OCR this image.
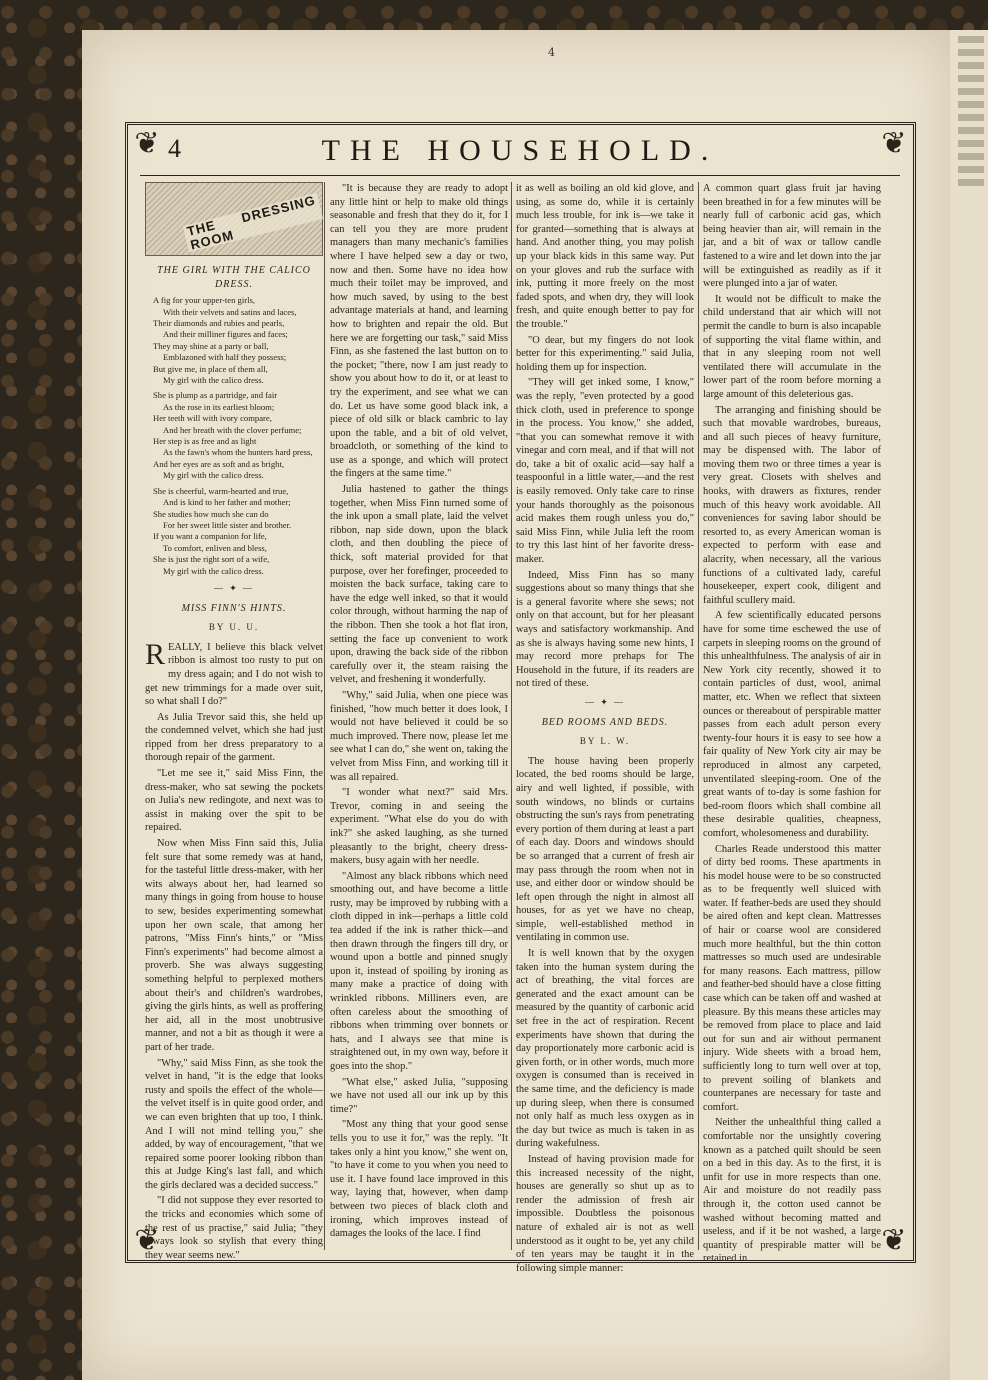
4
❦	❦
❦	❦
4	THE HOUSEHOLD.
THE DRESSING ROOM
THE GIRL WITH THE CALICO DRESS.
A fig for your upper-ten girls,
With their velvets and satins and laces,
Their diamonds and rubies and pearls,
And their milliner figures and faces;
They may shine at a party or ball,
Emblazoned with half they possess;
But give me, in place of them all,
My girl with the calico dress.
She is plump as a partridge, and fair
As the rose in its earliest bloom;
Her teeth will with ivory compare,
And her breath with the clover perfume;
Her step is as free and as light
As the fawn's whom the hunters hard press,
And her eyes are as soft and as bright,
My girl with the calico dress.
She is cheerful, warm-hearted and true,
And is kind to her father and mother;
She studies how much she can do
For her sweet little sister and brother.
If you want a companion for life,
To comfort, enliven and bless,
She is just the right sort of a wife,
My girl with the calico dress.
— ✦ —
MISS FINN'S HINTS.
BY U. U.

REALLY, I believe this black velvet ribbon is almost too rusty to put on my dress again; and I do not wish to get new trimmings for a made over suit, so what shall I do?"

As Julia Trevor said this, she held up the condemned velvet, which she had just ripped from her dress preparatory to a thorough repair of the garment.

"Let me see it," said Miss Finn, the dress-maker, who sat sewing the pockets on Julia's new redingote, and next was to assist in making over the spit to be repaired.

Now when Miss Finn said this, Julia felt sure that some remedy was at hand, for the tasteful little dress-maker, with her wits always about her, had learned so many things in going from house to house to sew, besides experimenting somewhat upon her own scale, that among her patrons, "Miss Finn's hints," or "Miss Finn's experiments" had become almost a proverb. She was always suggesting something helpful to perplexed mothers about their's and children's wardrobes, giving the girls hints, as well as proffering her aid, all in the most unobtrusive manner, and not a bit as though it were a part of her trade.

"Why," said Miss Finn, as she took the velvet in hand, "it is the edge that looks rusty and spoils the effect of the whole—the velvet itself is in quite good order, and we can even brighten that up too, I think. And I will not mind telling you," she added, by way of encouragement, "that we repaired some poorer looking ribbon than this at Judge King's last fall, and which the girls declared was a decided success."

"I did not suppose they ever resorted to the tricks and economies which some of the rest of us practise," said Julia; "they always look so stylish that every thing they wear seems new."

"It is because they are ready to adopt any little hint or help to make old things seasonable and fresh that they do it, for I can tell you they are more prudent managers than many mechanic's families where I have helped sew a day or two, now and then. Some have no idea how much their toilet may be improved, and how much saved, by using to the best advantage materials at hand, and learning how to brighten and repair the old. But here we are forgetting our task," said Miss Finn, as she fastened the last button on to the pocket; "there, now I am just ready to show you about how to do it, or at least to try the experiment, and see what we can do. Let us have some good black ink, a piece of old silk or black cambric to lay upon the table, and a bit of old velvet, broadcloth, or something of the kind to use as a sponge, and which will protect the fingers at the same time."

Julia hastened to gather the things together, when Miss Finn turned some of the ink upon a small plate, laid the velvet ribbon, nap side down, upon the black cloth, and then doubling the piece of thick, soft material provided for that purpose, over her forefinger, proceeded to moisten the back surface, taking care to have the edge well inked, so that it would color through, without harming the nap of the ribbon. Then she took a hot flat iron, setting the face up convenient to work upon, drawing the back side of the ribbon carefully over it, the steam raising the velvet, and freshening it wonderfully.

"Why," said Julia, when one piece was finished, "how much better it does look, I would not have believed it could be so much improved. There now, please let me see what I can do," she went on, taking the velvet from Miss Finn, and working till it was all repaired.

"I wonder what next?" said Mrs. Trevor, coming in and seeing the experiment. "What else do you do with ink?" she asked laughing, as she turned pleasantly to the bright, cheery dress-makers, busy again with her needle.

"Almost any black ribbons which need smoothing out, and have become a little rusty, may be improved by rubbing with a cloth dipped in ink—perhaps a little cold tea added if the ink is rather thick—and then drawn through the fingers till dry, or wound upon a bottle and pinned snugly upon it, instead of spoiling by ironing as many make a practice of doing with wrinkled ribbons. Milliners even, are often careless about the smoothing of ribbons when trimming over bonnets or hats, and I always see that mine is straightened out, in my own way, before it goes into the shop."

"What else," asked Julia, "supposing we have not used all our ink up by this time?"

"Most any thing that your good sense tells you to use it for," was the reply. "It takes only a hint you know," she went on, "to have it come to you when you need to use it. I have found lace improved in this way, laying that, however, when damp between two pieces of black cloth and ironing, which improves instead of damages the looks of the lace. I find

it as well as boiling an old kid glove, and using, as some do, while it is certainly much less trouble, for ink is—we take it for granted—something that is always at hand. And another thing, you may polish up your black kids in this same way. Put on your gloves and rub the surface with ink, putting it more freely on the most faded spots, and when dry, they will look fresh, and quite enough better to pay for the trouble."

"O dear, but my fingers do not look better for this experimenting." said Julia, holding them up for inspection.

"They will get inked some, I know," was the reply, "even protected by a good thick cloth, used in preference to sponge in the process. You know," she added, "that you can somewhat remove it with vinegar and corn meal, and if that will not do, take a bit of oxalic acid—say half a teaspoonful in a little water,—and the rest is easily removed. Only take care to rinse your hands thoroughly as the poisonous acid makes them rough unless you do," said Miss Finn, while Julia left the room to try this last hint of her favorite dress-maker.

Indeed, Miss Finn has so many suggestions about so many things that she is a general favorite where she sews; not only on that account, but for her pleasant ways and satisfactory workmanship. And as she is always having some new hints, I may record more prehaps for The Household in the future, if its readers are not tired of these.

— ✦ —
BED ROOMS AND BEDS.
BY L. W.

The house having been properly located, the bed rooms should be large, airy and well lighted, if possible, with south windows, no blinds or curtains obstructing the sun's rays from penetrating every portion of them during at least a part of each day. Doors and windows should be so arranged that a current of fresh air may pass through the room when not in use, and either door or window should be left open through the night in almost all houses, for as yet we have no cheap, simple, well-established method in ventilating in common use.

It is well known that by the oxygen taken into the human system during the act of breathing, the vital forces are generated and the exact amount can be measured by the quantity of carbonic acid set free in the act of respiration. Recent experiments have shown that during the day proportionately more carbonic acid is given forth, or in other words, much more oxygen is consumed than is received in the same time, and the deficiency is made up during sleep, when there is consumed not only half as much less oxygen as in the day but twice as much is taken in as during wakefulness.

Instead of having provision made for this increased necessity of the night, houses are generally so shut up as to render the admission of fresh air impossible. Doubtless the poisonous nature of exhaled air is not as well understood as it ought to be, yet any child of ten years may be taught it in the following simple manner:

A common quart glass fruit jar having been breathed in for a few minutes will be nearly full of carbonic acid gas, which being heavier than air, will remain in the jar, and a bit of wax or tallow candle fastened to a wire and let down into the jar will be extinguished as readily as if it were plunged into a jar of water.

It would not be difficult to make the child understand that air which will not permit the candle to burn is also incapable of supporting the vital flame within, and that in any sleeping room not well ventilated there will accumulate in the lower part of the room before morning a large amount of this deleterious gas.

The arranging and finishing should be such that movable wardrobes, bureaus, and all such pieces of heavy furniture, may be dispensed with. The labor of moving them two or three times a year is very great. Closets with shelves and hooks, with drawers as fixtures, render much of this heavy work avoidable. All conveniences for saving labor should be resorted to, as every American woman is expected to perform with ease and alacrity, when necessary, all the various functions of a cultivated lady, careful housekeeper, expert cook, diligent and faithful scullery maid.

A few scientifically educated persons have for some time eschewed the use of carpets in sleeping rooms on the ground of this unhealthfulness. The analysis of air in New York city recently, showed it to contain particles of dust, wool, animal matter, etc. When we reflect that sixteen ounces or thereabout of perspirable matter passes from each adult person every twenty-four hours it is easy to see how a fair quality of New York city air may be reproduced in almost any carpeted, unventilated sleeping-room. One of the great wants of to-day is some fashion for bed-room floors which shall combine all these desirable qualities, cheapness, comfort, wholesomeness and durability.

Charles Reade understood this matter of dirty bed rooms. These apartments in his model house were to be so constructed as to be frequently well sluiced with water. If feather-beds are used they should be aired often and kept clean. Mattresses of hair or coarse wool are considered much more healthful, but the thin cotton mattresses so much used are undesirable for many reasons. Each mattress, pillow and feather-bed should have a close fitting case which can be taken off and washed at pleasure. By this means these articles may be removed from place to place and laid out for sun and air without permanent injury. Wide sheets with a broad hem, sufficiently long to turn well over at top, to prevent soiling of blankets and counterpanes are necessary for taste and comfort.

Neither the unhealthful thing called a comfortable nor the unsightly covering known as a patched quilt should be seen on a bed in this day. As to the first, it is unfit for use in more respects than one. Air and moisture do not readily pass through it, the cotton used cannot be washed without becoming matted and useless, and if it be not washed, a large quantity of prespirable matter will be retained in
